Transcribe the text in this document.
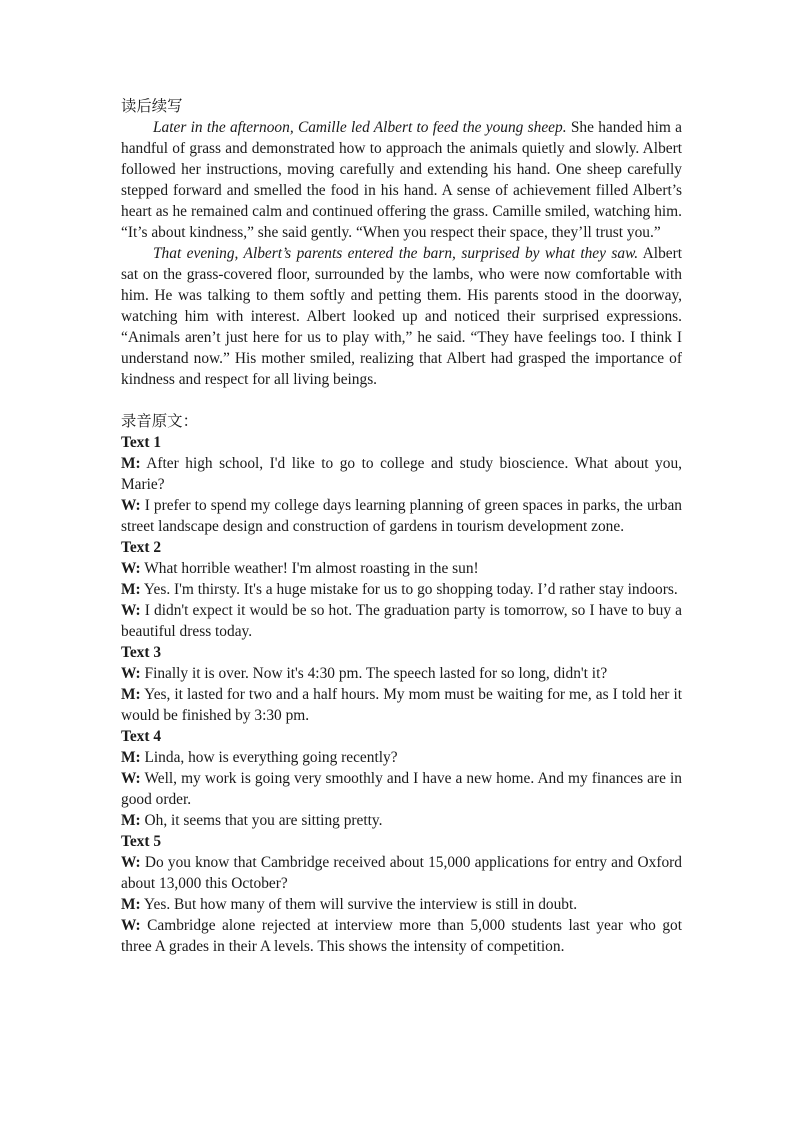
读后续写

Later in the afternoon, Camille led Albert to feed the young sheep. She handed him a handful of grass and demonstrated how to approach the animals quietly and slowly. Albert followed her instructions, moving carefully and extending his hand. One sheep carefully stepped forward and smelled the food in his hand. A sense of achievement filled Albert’s heart as he remained calm and continued offering the grass. Camille smiled, watching him. “It’s about kindness,” she said gently. “When you respect their space, they’ll trust you.”

That evening, Albert’s parents entered the barn, surprised by what they saw. Albert sat on the grass-covered floor, surrounded by the lambs, who were now comfortable with him. He was talking to them softly and petting them. His parents stood in the doorway, watching him with interest. Albert looked up and noticed their surprised expressions. “Animals aren’t just here for us to play with,” he said. “They have feelings too. I think I understand now.” His mother smiled, realizing that Albert had grasped the importance of kindness and respect for all living beings.

录音原文：

Text 1

M: After high school, I'd like to go to college and study bioscience. What about you, Marie?

W: I prefer to spend my college days learning planning of green spaces in parks, the urban street landscape design and construction of gardens in tourism development zone.

Text 2

W: What horrible weather! I'm almost roasting in the sun!

M: Yes. I'm thirsty. It's a huge mistake for us to go shopping today. I’d rather stay indoors.

W: I didn't expect it would be so hot. The graduation party is tomorrow, so I have to buy a beautiful dress today.

Text 3

W: Finally it is over. Now it's 4:30 pm. The speech lasted for so long, didn't it?

M: Yes, it lasted for two and a half hours. My mom must be waiting for me, as I told her it would be finished by 3:30 pm.

Text 4

M: Linda, how is everything going recently?

W: Well, my work is going very smoothly and I have a new home. And my finances are in good order.

M: Oh, it seems that you are sitting pretty.

Text 5

W: Do you know that Cambridge received about 15,000 applications for entry and Oxford about 13,000 this October?

M: Yes. But how many of them will survive the interview is still in doubt.

W: Cambridge alone rejected at interview more than 5,000 students last year who got three A grades in their A levels. This shows the intensity of competition.
